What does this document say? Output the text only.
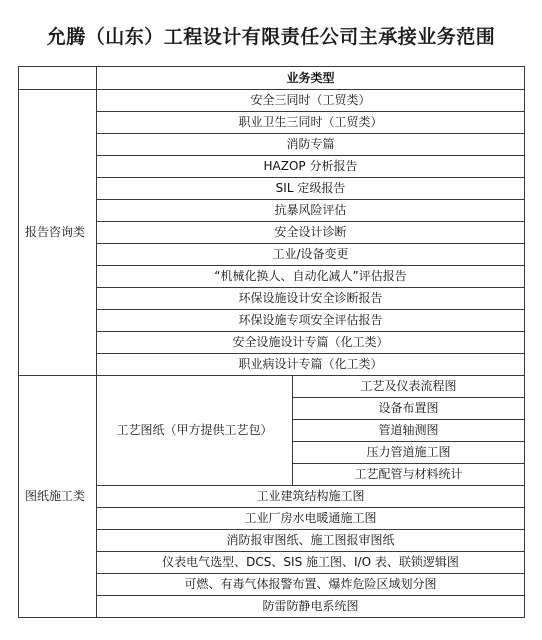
允腾（山东）工程设计有限责任公司主承接业务范围
	业务类型	
报告咨询类	安全三同时（工贸类）	
	职业卫生三同时（工贸类）	
	消防专篇	
	HAZOP 分析报告	
	SIL 定级报告	
	抗暴风险评估	
	安全设计诊断	
	工业/设备变更	
	“机械化换人、自动化减人”评估报告	
	环保设施设计安全诊断报告	
	环保设施专项安全评估报告	
	安全设施设计专篇（化工类）	
	职业病设计专篇（化工类）	
图纸施工类	工艺图纸（甲方提供工艺包）	工艺及仪表流程图
		设备布置图
		管道轴测图
		压力管道施工图
		工艺配管与材料统计
	工业建筑结构施工图	
	工业厂房水电暖通施工图	
	消防报审图纸、施工图报审图纸	
	仪表电气选型、DCS、SIS 施工图、I/O 表、联锁逻辑图	
	可燃、有毒气体报警布置、爆炸危险区域划分图	
	防雷防静电系统图	
